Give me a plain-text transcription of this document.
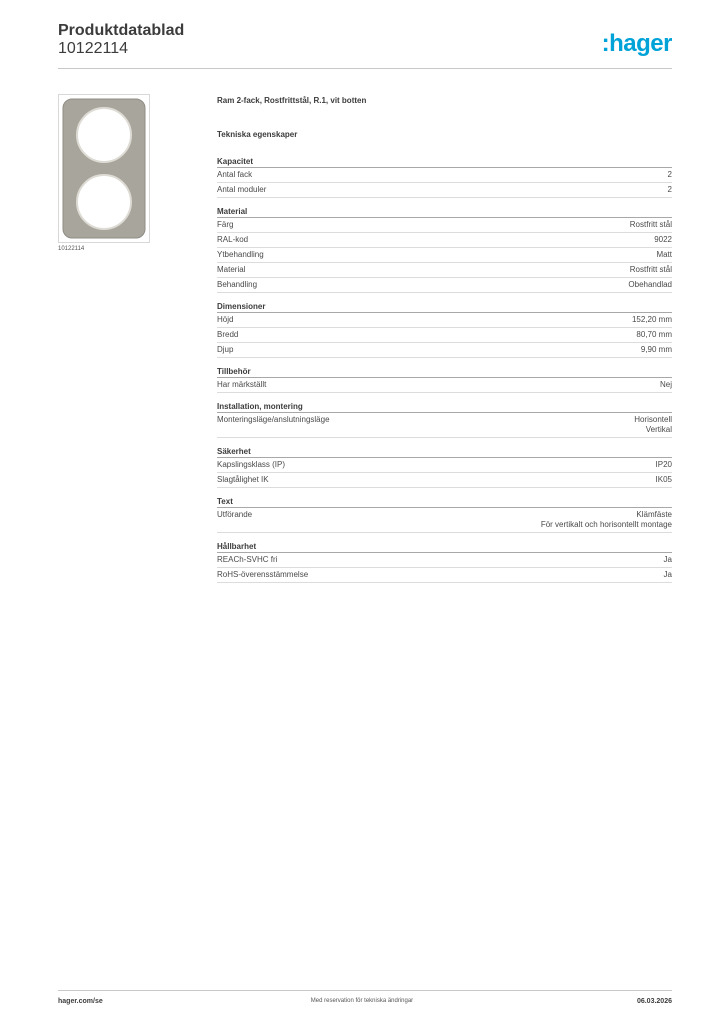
Produktdatablad
10122114	:hager
10122114
Ram 2-fack, Rostfrittstål, R.1, vit botten
Tekniska egenskaper
Kapacitet
Antal fack	2
Antal moduler	2
Material
Färg	Rostfritt stål
RAL-kod	9022
Ytbehandling	Matt
Material	Rostfritt stål
Behandling	Obehandlad
Dimensioner
Höjd	152,20 mm
Bredd	80,70 mm
Djup	9,90 mm
Tillbehör
Har märkställt	Nej
Installation, montering
Monteringsläge/anslutningsläge	Horisontell
Vertikal
Säkerhet
Kapslingsklass (IP)	IP20
Slagtålighet IK	IK05
Text
Utförande	Klämfäste
För vertikalt och horisontellt montage
Hållbarhet
REACh-SVHC fri	Ja
RoHS-överensstämmelse	Ja
hager.com/se	Med reservation för tekniska ändringar	06.03.2026
